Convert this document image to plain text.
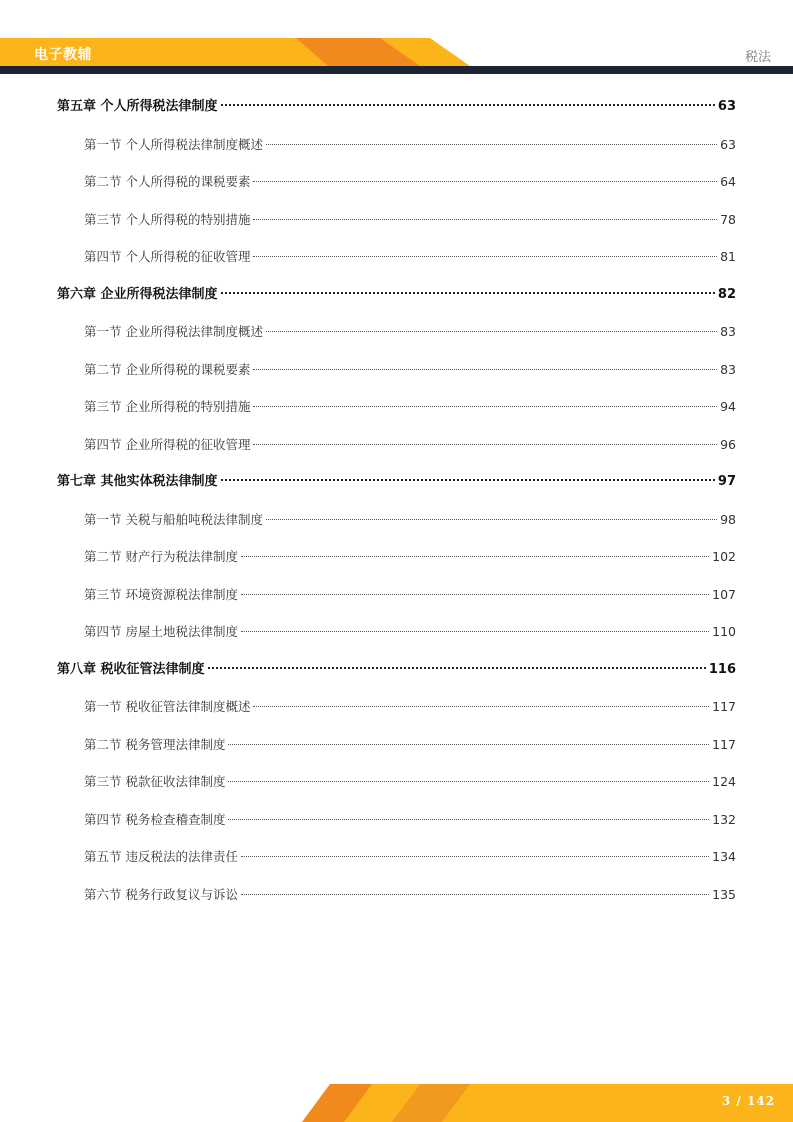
电子教辅	税法
第五章 个人所得税法律制度	63
第一节 个人所得税法律制度概述	63
第二节 个人所得税的课税要素	64
第三节 个人所得税的特别措施	78
第四节 个人所得税的征收管理	81
第六章 企业所得税法律制度	82
第一节 企业所得税法律制度概述	83
第二节 企业所得税的课税要素	83
第三节 企业所得税的特别措施	94
第四节 企业所得税的征收管理	96
第七章 其他实体税法律制度	97
第一节 关税与船舶吨税法律制度	98
第二节 财产行为税法律制度	102
第三节 环境资源税法律制度	107
第四节 房屋土地税法律制度	110
第八章 税收征管法律制度	116
第一节 税收征管法律制度概述	117
第二节 税务管理法律制度	117
第三节 税款征收法律制度	124
第四节 税务检查稽查制度	132
第五节 违反税法的法律责任	134
第六节 税务行政复议与诉讼	135
3 / 142
